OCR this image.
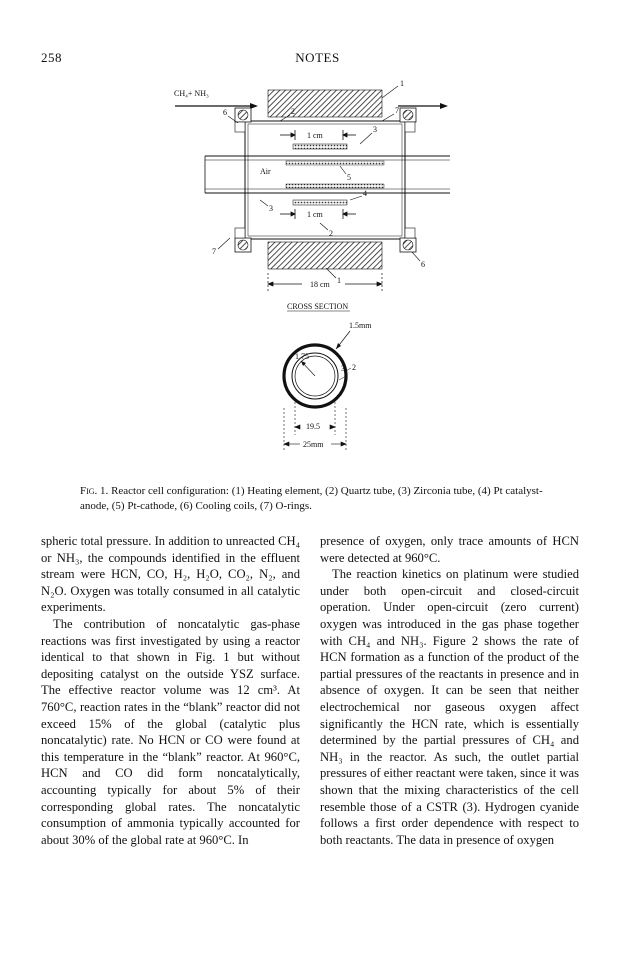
258	NOTES
CH₄+ NH₃
Air
1 cm
1 cm
18 cm
CROSS SECTION
1.5mm
1.75
19.5
25mm
1
2	7
3
6
5
4
7
3
2
6
1
2
3
Fig. 1. Reactor cell configuration: (1) Heating element, (2) Quartz tube, (3) Zirconia tube, (4) Pt catalyst-anode, (5) Pt-cathode, (6) Cooling coils, (7) O-rings.

spheric total pressure. In addition to unreacted CH₄ or NH₃, the compounds identified in the effluent stream were HCN, CO, H₂, H₂O, CO₂, N₂, and N₂O. Oxygen was totally consumed in all catalytic experiments.

The contribution of noncatalytic gas-phase reactions was first investigated by using a reactor identical to that shown in Fig. 1 but without depositing catalyst on the outside YSZ surface. The effective reactor volume was 12 cm³. At 760°C, reaction rates in the “blank” reactor did not exceed 15% of the global (catalytic plus noncatalytic) rate. No HCN or CO were found at this temperature in the “blank” reactor. At 960°C, HCN and CO did form noncatalytically, accounting typically for about 5% of their corresponding global rates. The noncatalytic consumption of ammonia typically accounted for about 30% of the global rate at 960°C. In

presence of oxygen, only trace amounts of HCN were detected at 960°C.

The reaction kinetics on platinum were studied under both open-circuit and closed-circuit operation. Under open-circuit (zero current) oxygen was introduced in the gas phase together with CH₄ and NH₃. Figure 2 shows the rate of HCN formation as a function of the product of the partial pressures of the reactants in presence and in absence of oxygen. It can be seen that neither electrochemical nor gaseous oxygen affect significantly the HCN rate, which is essentially determined by the partial pressures of CH₄ and NH₃ in the reactor. As such, the outlet partial pressures of either reactant were taken, since it was shown that the mixing characteristics of the cell resemble those of a CSTR (3). Hydrogen cyanide follows a first order dependence with respect to both reactants. The data in presence of oxygen
